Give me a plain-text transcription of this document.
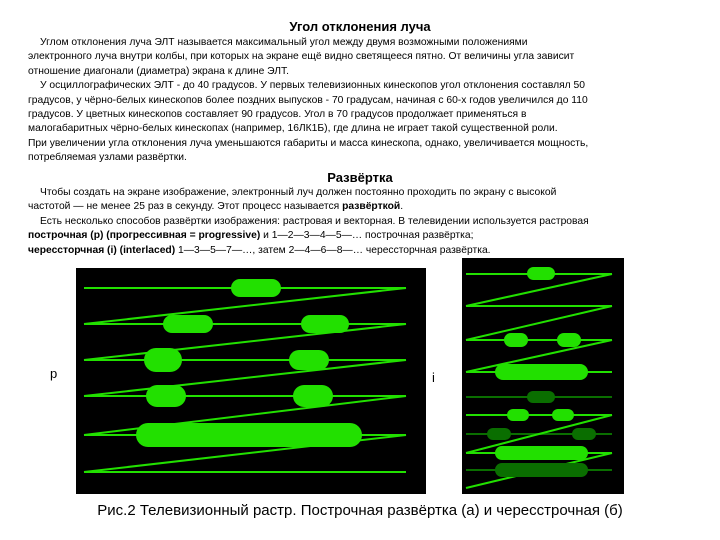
Угол отклонения луча

Углом отклонения луча ЭЛТ называется максимальный угол между двумя возможными положениями

электронного луча внутри колбы, при которых на экране ещё видно светящееся пятно. От величины угла зависит

отношение диагонали (диаметра) экрана к длине ЭЛТ.

У осциллографических ЭЛТ - до 40 градусов. У первых телевизионных кинескопов угол отклонения составлял 50

градусов, у чёрно-белых кинескопов более поздних выпусков - 70 градусам, начиная с 60-х годов увеличился до 110

градусов. У цветных кинескопов составляет 90 градусов. Угол в 70 градусов продолжает применяться в

малогабаритных чёрно-белых кинескопах (например, 16ЛК1Б), где длина не играет такой существенной роли.

При увеличении угла отклонения луча уменьшаются габариты и масса кинескопа, однако, увеличивается мощность,

потребляемая узлами развёртки.

Развёртка

Чтобы создать на экране изображение, электронный луч должен постоянно проходить по экрану с высокой

частотой — не менее 25 раз в секунду. Этот процесс называется развёрткой.

Есть несколько способов развёртки изображения: растровая и векторная. В телевидении используется растровая

построчная (p) (прогрессивная = progressive) и 1—2—3—4—5—… построчная развёртка;

черессторчная (i) (interlaced) 1—3—5—7—…, затем 2—4—6—8—… черессторчная развёртка.

p	i
Рис.2 Телевизионный растр. Построчная развёртка (а) и чересстрочная (б)
